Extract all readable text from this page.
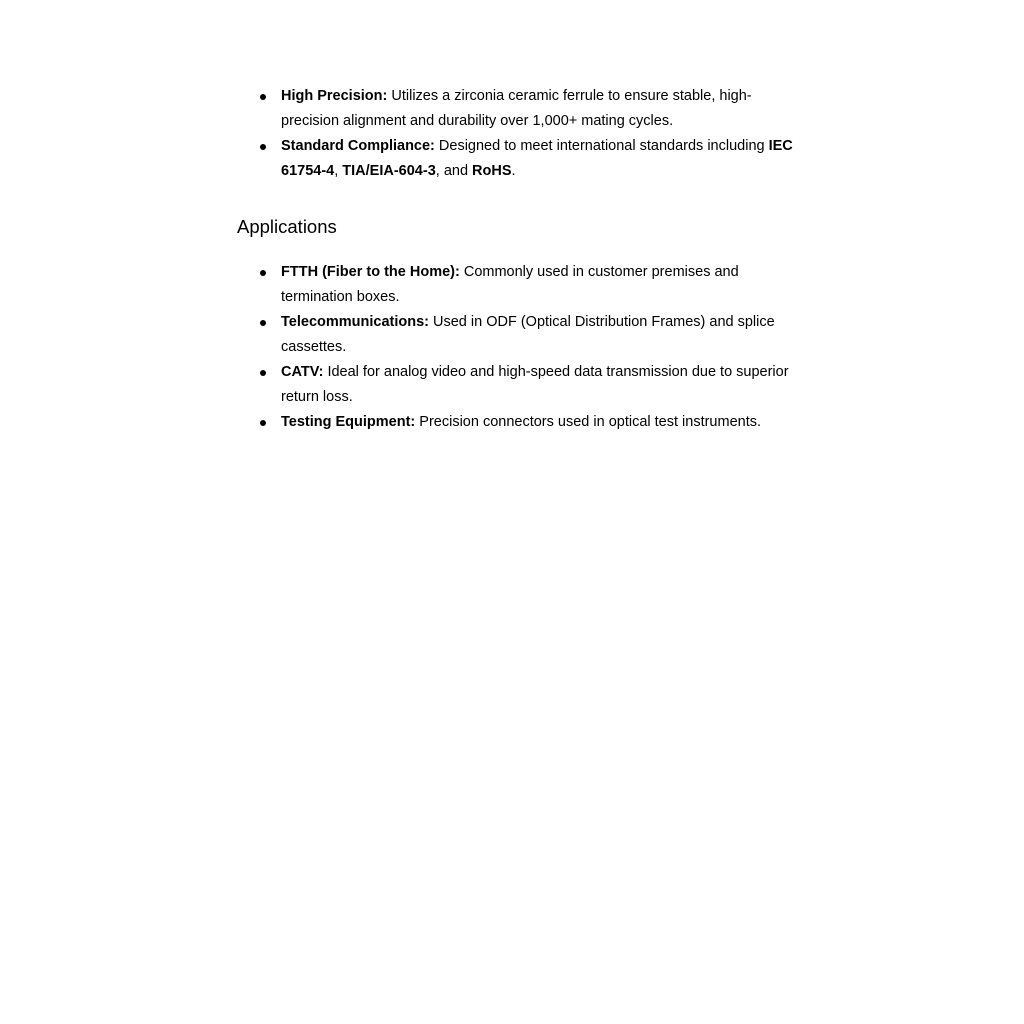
High Precision: Utilizes a zirconia ceramic ferrule to ensure stable, high-precision alignment and durability over 1,000+ mating cycles.
Standard Compliance: Designed to meet international standards including IEC 61754-4, TIA/EIA-604-3, and RoHS.
Applications
FTTH (Fiber to the Home): Commonly used in customer premises and termination boxes.
Telecommunications: Used in ODF (Optical Distribution Frames) and splice cassettes.
CATV: Ideal for analog video and high-speed data transmission due to superior return loss.
Testing Equipment: Precision connectors used in optical test instruments.
